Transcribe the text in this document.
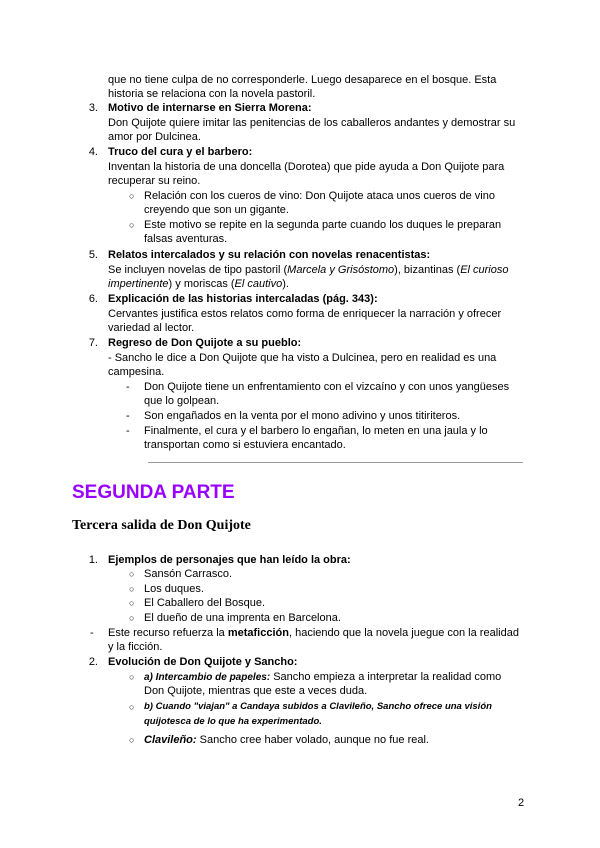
que no tiene culpa de no corresponderle. Luego desaparece en el bosque. Esta
historia se relaciona con la novela pastoril.
3. Motivo de internarse en Sierra Morena:
Don Quijote quiere imitar las penitencias de los caballeros andantes y demostrar su
amor por Dulcinea.
4. Truco del cura y el barbero:
Inventan la historia de una doncella (Dorotea) que pide ayuda a Don Quijote para
recuperar su reino.
○ Relación con los cueros de vino: Don Quijote ataca unos cueros de vino
creyendo que son un gigante.
○ Este motivo se repite en la segunda parte cuando los duques le preparan
falsas aventuras.
5. Relatos intercalados y su relación con novelas renacentistas:
Se incluyen novelas de tipo pastoril (Marcela y Grisóstomo), bizantinas (El curioso
impertinente) y moriscas (El cautivo).
6. Explicación de las historias intercaladas (pág. 343):
Cervantes justifica estos relatos como forma de enriquecer la narración y ofrecer
variedad al lector.
7. Regreso de Don Quijote a su pueblo:
- Sancho le dice a Don Quijote que ha visto a Dulcinea, pero en realidad es una
campesina.
- Don Quijote tiene un enfrentamiento con el vizcaíno y con unos yangüeses
que lo golpean.
- Son engañados en la venta por el mono adivino y unos titiriteros.
- Finalmente, el cura y el barbero lo engañan, lo meten en una jaula y lo
transportan como si estuviera encantado.
SEGUNDA PARTE
Tercera salida de Don Quijote
1. Ejemplos de personajes que han leído la obra:
○ Sansón Carrasco.
○ Los duques.
○ El Caballero del Bosque.
○ El dueño de una imprenta en Barcelona.
- Este recurso refuerza la metaficción, haciendo que la novela juegue con la realidad
y la ficción.
2. Evolución de Don Quijote y Sancho:
○ a) Intercambio de papeles: Sancho empieza a interpretar la realidad como
Don Quijote, mientras que este a veces duda.
○ b) Cuando "viajan" a Candaya subidos a Clavileño, Sancho ofrece una visión
quijotesca de lo que ha experimentado.
○ Clavileño: Sancho cree haber volado, aunque no fue real.
2
